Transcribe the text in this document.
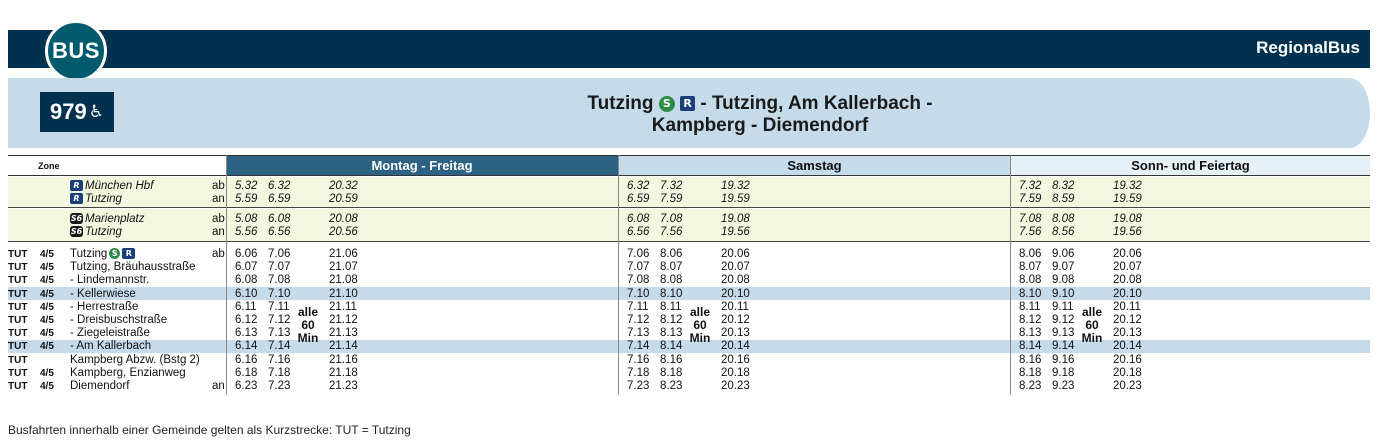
BUS	RegionalBus
979 ♿	Tutzing S R - Tutzing, Am Kallerbach -
Kampberg - Diemendorf
Zone	Montag - Freitag	Samstag	Sonn- und Feiertag
R München Hbf	ab 5.32 6.32	20.32	6.32 7.32	19.32	7.32 8.32	19.32
R Tutzing	an 5.59 6.59	20.59	6.59 7.59	19.59	7.59 8.59	19.59
S6 Marienplatz	ab 5.08 6.08	20.08	6.08 7.08	19.08	7.08 8.08	19.08
S6 Tutzing	an 5.56 6.56	20.56	6.56 7.56	19.56	7.56 8.56	19.56
TUT 4/5 Tutzing S R	ab 6.06 7.06	21.06	7.06 8.06	20.06	8.06 9.06	20.06
TUT 4/5 Tutzing, Bräuhausstraße	6.07 7.07	21.07	7.07 8.07	20.07	8.07 9.07	20.07
TUT 4/5 - Lindemannstr.	6.08 7.08	21.08	7.08 8.08	20.08	8.08 9.08	20.08
TUT 4/5 - Kellerwiese	6.10 7.10	21.10	7.10 8.10	20.10	8.10 9.10	20.10
TUT 4/5 - Herrestraße	6.11 7.11	21.11	7.11 8.11	20.11	8.11 9.11	20.11
TUT 4/5 - Dreisbuschstraße	6.12 7.12	21.12	7.12 8.12	20.12	8.12 9.12	20.12
TUT 4/5 - Ziegeleistraße	6.13 7.13	21.13	7.13 8.13	20.13	8.13 9.13	20.13
TUT 4/5 - Am Kallerbach	6.14 7.14	21.14	7.14 8.14	20.14	8.14 9.14	20.14
TUT	Kampberg Abzw. (Bstg 2)	6.16 7.16	21.16	7.16 8.16	20.16	8.16 9.16	20.16
TUT 4/5 Kampberg, Enzianweg	6.18 7.18	21.18	7.18 8.18	20.18	8.18 9.18	20.18
TUT 4/5 Diemendorf	an 6.23 7.23	21.23	7.23 8.23	20.23	8.23 9.23	20.23
alle
60
Min
alle
60
Min
alle
60
Min
Busfahrten innerhalb einer Gemeinde gelten als Kurzstrecke: TUT = Tutzing
